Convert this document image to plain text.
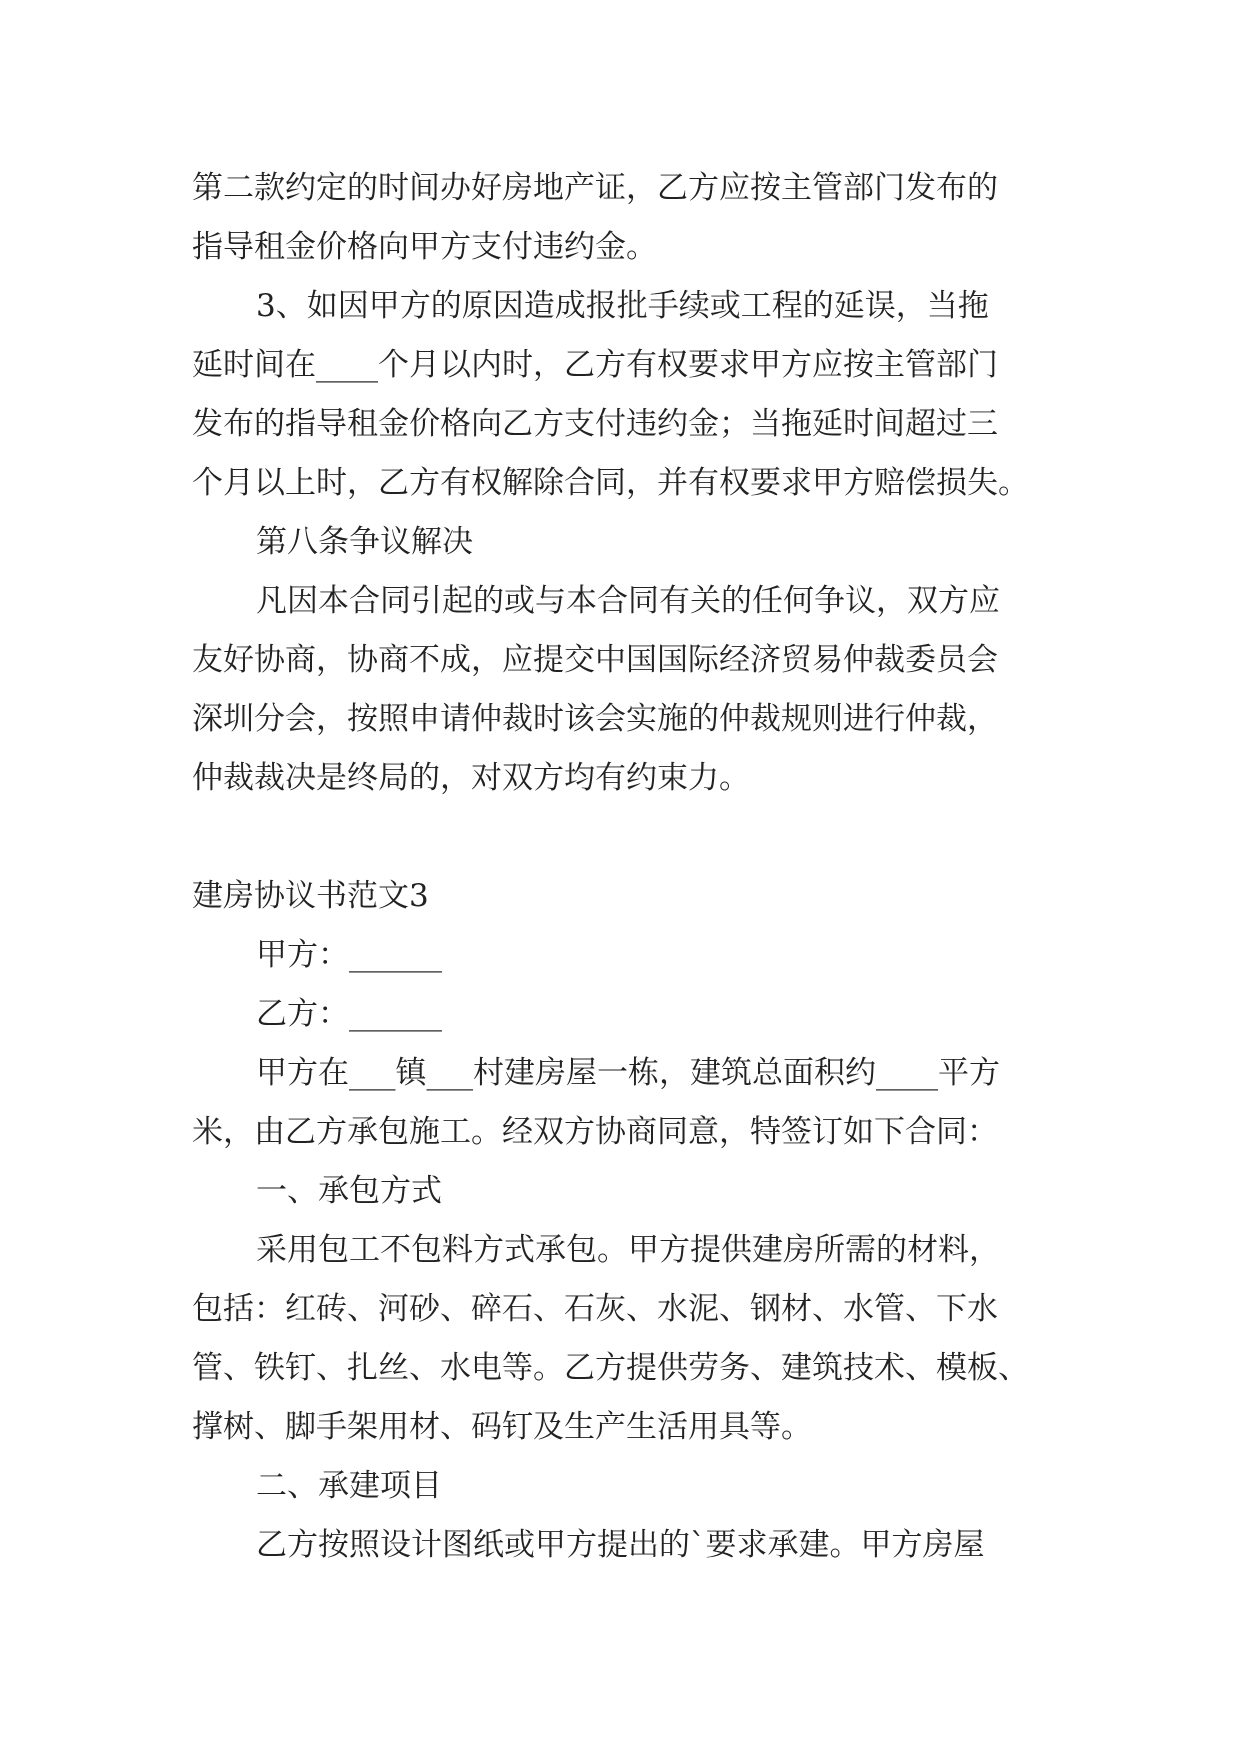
第二款约定的时间办好房地产证，乙方应按主管部门发布的
指导租金价格向甲方支付违约金。
3、如因甲方的原因造成报批手续或工程的延误，当拖
延时间在____个月以内时，乙方有权要求甲方应按主管部门
发布的指导租金价格向乙方支付违约金；当拖延时间超过三
个月以上时，乙方有权解除合同，并有权要求甲方赔偿损失。
第八条争议解决
凡因本合同引起的或与本合同有关的任何争议，双方应
友好协商，协商不成，应提交中国国际经济贸易仲裁委员会
深圳分会，按照申请仲裁时该会实施的仲裁规则进行仲裁，
仲裁裁决是终局的，对双方均有约束力。
建房协议书范文3
甲方：______
乙方：______
甲方在___镇___村建房屋一栋，建筑总面积约____平方
米，由乙方承包施工。经双方协商同意，特签订如下合同：
一、承包方式
采用包工不包料方式承包。甲方提供建房所需的材料，
包括：红砖、河砂、碎石、石灰、水泥、钢材、水管、下水
管、铁钉、扎丝、水电等。乙方提供劳务、建筑技术、模板、
撑树、脚手架用材、码钉及生产生活用具等。
二、承建项目
乙方按照设计图纸或甲方提出的`要求承建。甲方房屋
